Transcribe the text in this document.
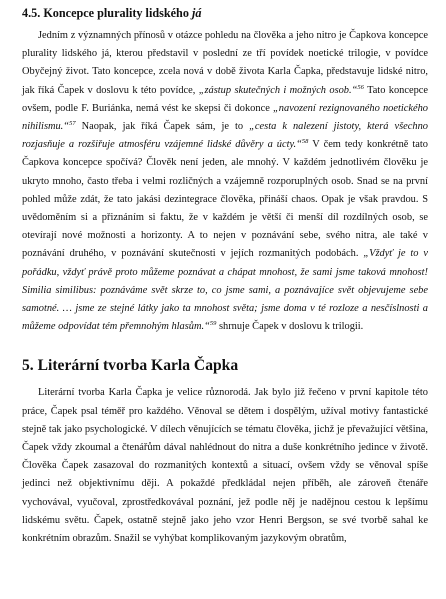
4.5. Koncepce plurality lidského já

Jedním z významných přínosů v otázce pohledu na člověka a jeho nitro je Čapkova koncepce plurality lidského já, kterou představil v poslední ze tří povídek noetické trilogie, v povídce Obyčejný život. Tato koncepce, zcela nová v době života Karla Čapka, představuje lidské nitro, jak říká Čapek v doslovu k této povídce, „zástup skutečných i možných osob.“$^{56}$ Tato koncepce ovšem, podle F. Buriánka, nemá vést ke skepsi či dokonce „navození rezignovaného noetického nihilismu.“$^{57}$ Naopak, jak říká Čapek sám, je to „cesta k nalezení jistoty, která všechno rozjasňuje a rozšiřuje atmosféru vzájemné lidské důvěry a úcty.“$^{58}$ V čem tedy konkrétně tato Čapkova koncepce spočívá? Člověk není jeden, ale mnohý. V každém jednotlivém člověku je ukryto mnoho, často třeba i velmi rozličných a vzájemně rozporuplných osob. Snad se na první pohled může zdát, že tato jakási dezintegrace člověka, přináší chaos. Opak je však pravdou. S uvědoměním si a přiznáním si faktu, že v každém je větší či menší díl rozdílných osob, se otevírají nové možnosti a horizonty. A to nejen v poznávání sebe, svého nitra, ale také v poznávání druhého, v poznávání skutečnosti v jejích rozmanitých podobách. „Vždyť je to v pořádku, vždyť právě proto můžeme poznávat a chápat mnohost, že sami jsme taková mnohost! Similia similibus: poznáváme svět skrze to, co jsme sami, a poznávajíce svět objevujeme sebe samotné. … jsme ze stejné látky jako ta mnohost světa; jsme doma v té rozloze a nesčíslnosti a můžeme odpovídat tém přemnohým hlasům.“$^{59}$ shrnuje Čapek v doslovu k trilogii.

5. Literární tvorba Karla Čapka

Literární tvorba Karla Čapka je velice různorodá. Jak bylo již řečeno v první kapitole této práce, Čapek psal téměř pro každého. Věnoval se dětem i dospělým, užíval motivy fantastické stejně tak jako psychologické. V dílech věnujících se tématu člověka, jichž je převažující většina, Čapek vždy zkoumal a čtenářům dával nahlédnout do nitra a duše konkrétního jedince v životě. Člověka Čapek zasazoval do rozmanitých kontextů a situací, ovšem vždy se věnoval spíše jedinci než objektivnímu ději. A pokaždé předkládal nejen příběh, ale zároveň čtenáře vychovával, vyučoval, zprostředkovával poznání, jež podle něj je nadějnou cestou k lepšímu lidskému světu. Čapek, ostatně stejně jako jeho vzor Henri Bergson, se své tvorbě sahal ke konkrétním obrazům. Snažil se vyhýbat komplikovaným jazykovým obratům,
